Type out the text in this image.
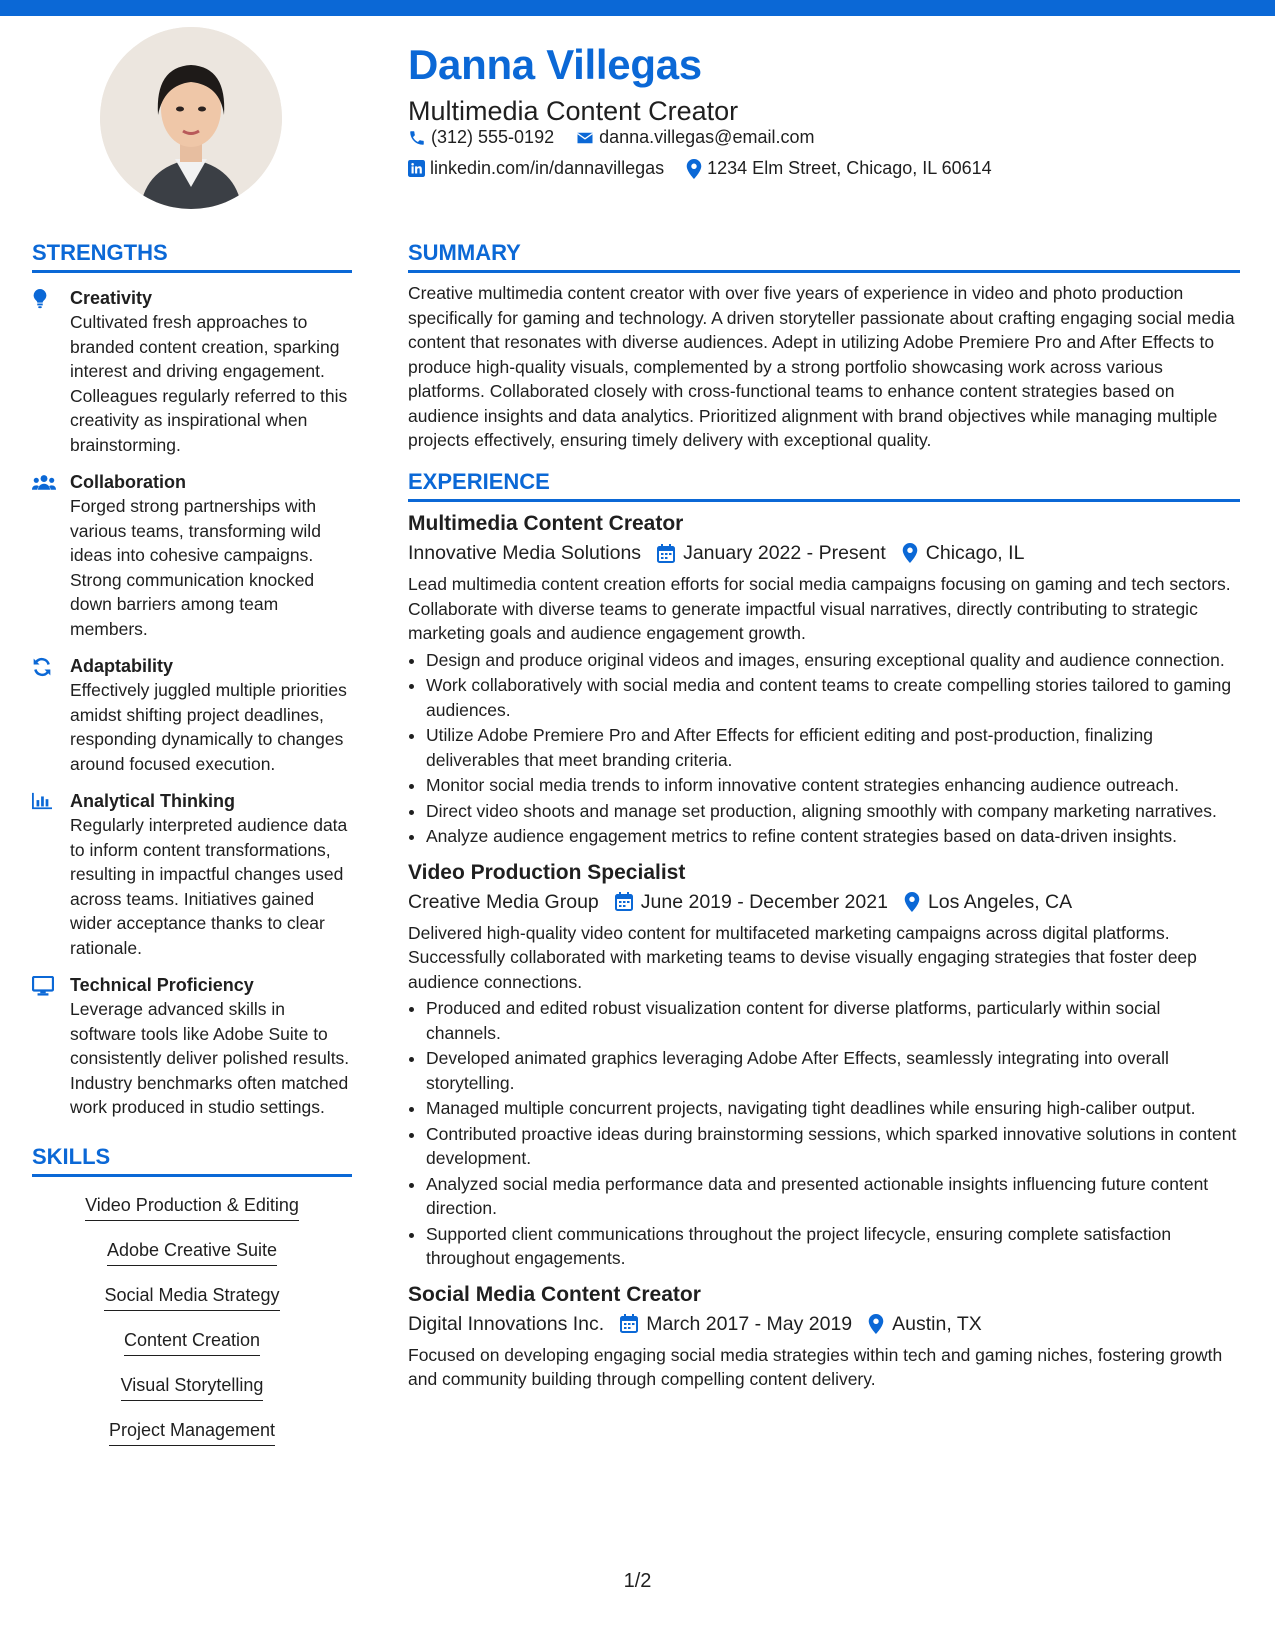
Danna Villegas
Multimedia Content Creator
(312) 555-0192	danna.villegas@email.com
linkedin.com/in/dannavillegas 1234 Elm Street, Chicago, IL 60614
STRENGTHS
Creativity
Cultivated fresh approaches to branded content creation, sparking interest and driving engagement. Colleagues regularly referred to this creativity as inspirational when brainstorming.
Collaboration
Forged strong partnerships with various teams, transforming wild ideas into cohesive campaigns. Strong communication knocked down barriers among team members.
Adaptability
Effectively juggled multiple priorities amidst shifting project deadlines, responding dynamically to changes around focused execution.
Analytical Thinking
Regularly interpreted audience data to inform content transformations, resulting in impactful changes used across teams. Initiatives gained wider acceptance thanks to clear rationale.
Technical Proficiency
Leverage advanced skills in software tools like Adobe Suite to consistently deliver polished results. Industry benchmarks often matched work produced in studio settings.
SKILLS
Video Production & Editing
Adobe Creative Suite
Social Media Strategy
Content Creation
Visual Storytelling
Project Management
SUMMARY

Creative multimedia content creator with over five years of experience in video and photo production specifically for gaming and technology. A driven storyteller passionate about crafting engaging social media content that resonates with diverse audiences. Adept in utilizing Adobe Premiere Pro and After Effects to produce high-quality visuals, complemented by a strong portfolio showcasing work across various platforms. Collaborated closely with cross-functional teams to enhance content strategies based on audience insights and data analytics. Prioritized alignment with brand objectives while managing multiple projects effectively, ensuring timely delivery with exceptional quality.

EXPERIENCE
Multimedia Content Creator
Innovative Media Solutions January 2022 - Present Chicago, IL

Lead multimedia content creation efforts for social media campaigns focusing on gaming and tech sectors. Collaborate with diverse teams to generate impactful visual narratives, directly contributing to strategic marketing goals and audience engagement growth.

• Design and produce original videos and images, ensuring exceptional quality and audience connection.
• Work collaboratively with social media and content teams to create compelling stories tailored to gaming audiences.
• Utilize Adobe Premiere Pro and After Effects for efficient editing and post-production, finalizing deliverables that meet branding criteria.
• Monitor social media trends to inform innovative content strategies enhancing audience outreach.
• Direct video shoots and manage set production, aligning smoothly with company marketing narratives.
• Analyze audience engagement metrics to refine content strategies based on data-driven insights.
Video Production Specialist
Creative Media Group June 2019 - December 2021 Los Angeles, CA

Delivered high-quality video content for multifaceted marketing campaigns across digital platforms. Successfully collaborated with marketing teams to devise visually engaging strategies that foster deep audience connections.

• Produced and edited robust visualization content for diverse platforms, particularly within social channels.
• Developed animated graphics leveraging Adobe After Effects, seamlessly integrating into overall storytelling.
• Managed multiple concurrent projects, navigating tight deadlines while ensuring high-caliber output.
• Contributed proactive ideas during brainstorming sessions, which sparked innovative solutions in content development.
• Analyzed social media performance data and presented actionable insights influencing future content direction.
• Supported client communications throughout the project lifecycle, ensuring complete satisfaction throughout engagements.
Social Media Content Creator
Digital Innovations Inc. March 2017 - May 2019 Austin, TX

Focused on developing engaging social media strategies within tech and gaming niches, fostering growth and community building through compelling content delivery.

1/2
